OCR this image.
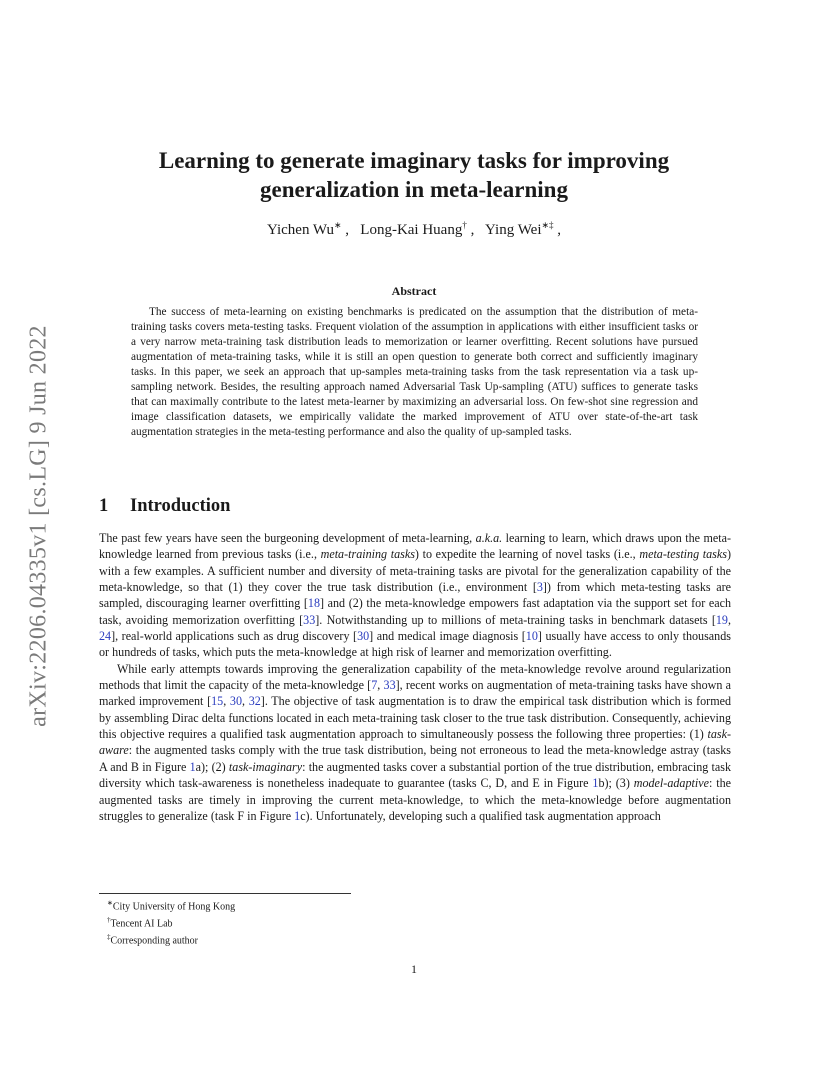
arXiv:2206.04335v1 [cs.LG] 9 Jun 2022
Learning to generate imaginary tasks for improving generalization in meta-learning
Yichen Wu∗ ,   Long-Kai Huang† ,   Ying Wei∗‡ ,
Abstract
The success of meta-learning on existing benchmarks is predicated on the assumption that the distribution of meta-training tasks covers meta-testing tasks. Frequent violation of the assumption in applications with either insufficient tasks or a very narrow meta-training task distribution leads to memorization or learner overfitting. Recent solutions have pursued augmentation of meta-training tasks, while it is still an open question to generate both correct and sufficiently imaginary tasks. In this paper, we seek an approach that up-samples meta-training tasks from the task representation via a task up-sampling network. Besides, the resulting approach named Adversarial Task Up-sampling (ATU) suffices to generate tasks that can maximally contribute to the latest meta-learner by maximizing an adversarial loss. On few-shot sine regression and image classification datasets, we empirically validate the marked improvement of ATU over state-of-the-art task augmentation strategies in the meta-testing performance and also the quality of up-sampled tasks.
1 Introduction

The past few years have seen the burgeoning development of meta-learning, a.k.a. learning to learn, which draws upon the meta-knowledge learned from previous tasks (i.e., meta-training tasks) to expedite the learning of novel tasks (i.e., meta-testing tasks) with a few examples. A sufficient number and diversity of meta-training tasks are pivotal for the generalization capability of the meta-knowledge, so that (1) they cover the true task distribution (i.e., environment [3]) from which meta-testing tasks are sampled, discouraging learner overfitting [18] and (2) the meta-knowledge empowers fast adaptation via the support set for each task, avoiding memorization overfitting [33]. Notwithstanding up to millions of meta-training tasks in benchmark datasets [19, 24], real-world applications such as drug discovery [30] and medical image diagnosis [10] usually have access to only thousands or hundreds of tasks, which puts the meta-knowledge at high risk of learner and memorization overfitting.

While early attempts towards improving the generalization capability of the meta-knowledge revolve around regularization methods that limit the capacity of the meta-knowledge [7, 33], recent works on augmentation of meta-training tasks have shown a marked improvement [15, 30, 32]. The objective of task augmentation is to draw the empirical task distribution which is formed by assembling Dirac delta functions located in each meta-training task closer to the true task distribution. Consequently, achieving this objective requires a qualified task augmentation approach to simultaneously possess the following three properties: (1) task-aware: the augmented tasks comply with the true task distribution, being not erroneous to lead the meta-knowledge astray (tasks A and B in Figure 1a); (2) task-imaginary: the augmented tasks cover a substantial portion of the true distribution, embracing task diversity which task-awareness is nonetheless inadequate to guarantee (tasks C, D, and E in Figure 1b); (3) model-adaptive: the augmented tasks are timely in improving the current meta-knowledge, to which the meta-knowledge before augmentation struggles to generalize (task F in Figure 1c). Unfortunately, developing such a qualified task augmentation approach

∗City University of Hong Kong
†Tencent AI Lab
‡Corresponding author
1
